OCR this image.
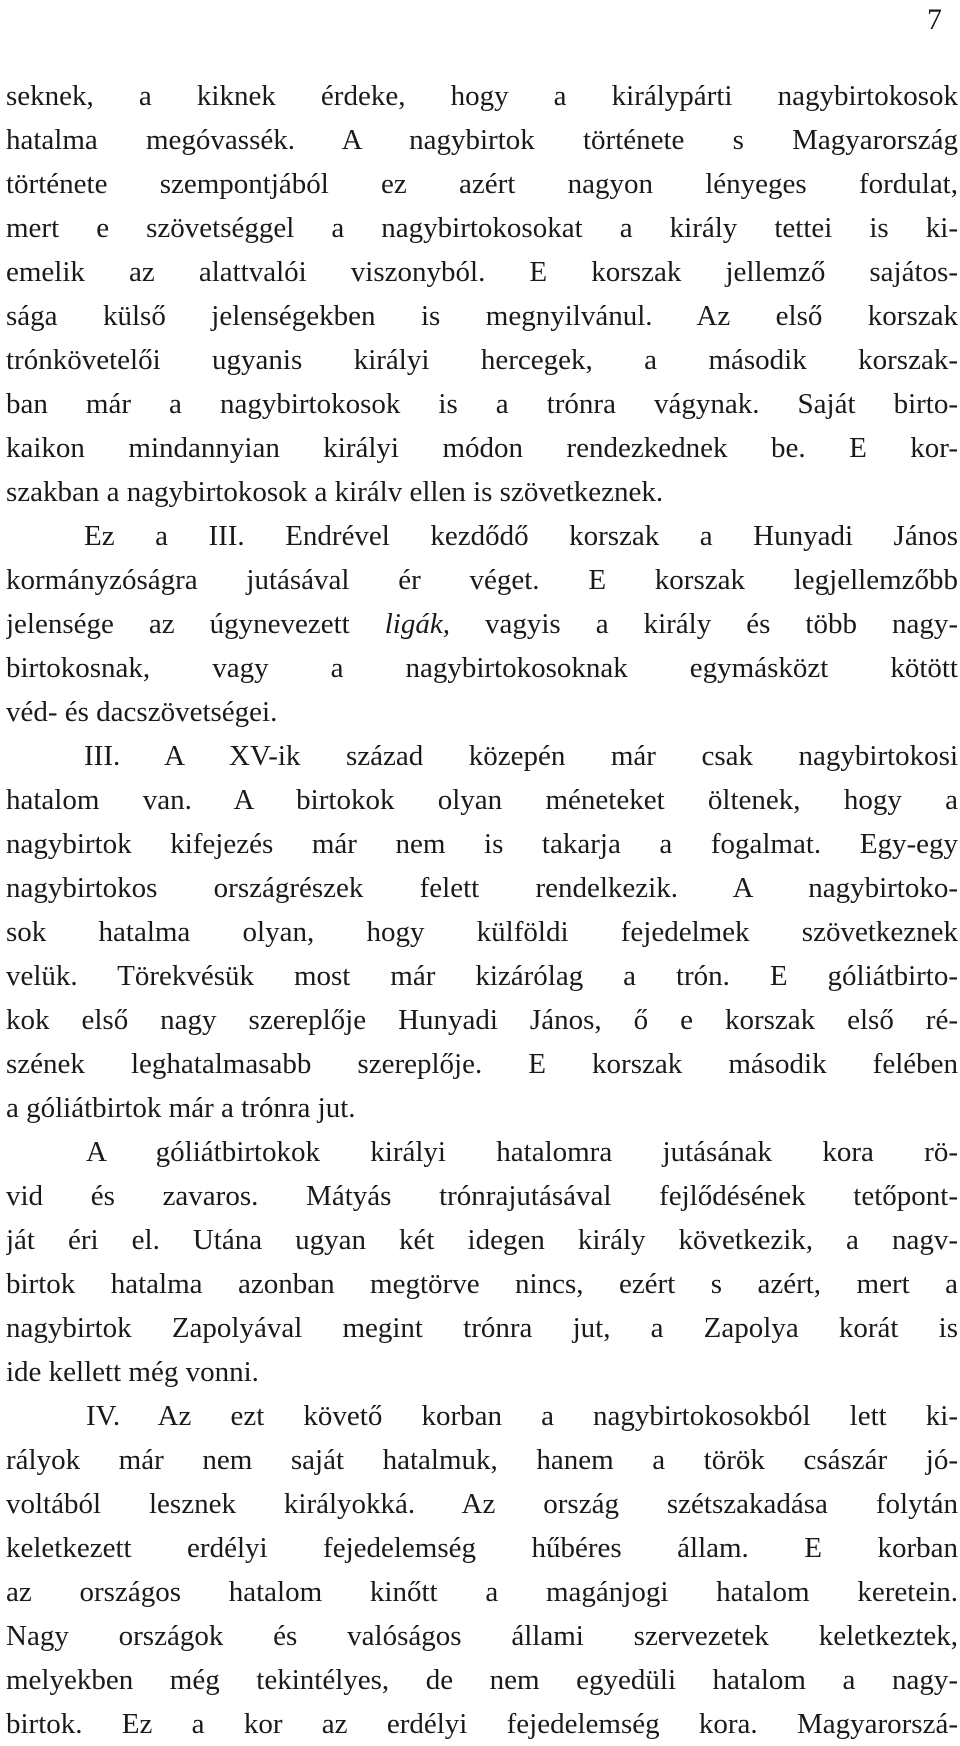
7
seknek, a kiknek érdeke, hogy a királypárti nagybirtokosok
hatalma megóvassék. A nagybirtok története s Magyarország
története szempontjából ez azért nagyon lényeges fordulat,
mert e szövetséggel a nagybirtokosokat a király tettei is ki-
emelik az alattvalói viszonyból. E korszak jellemző sajátos-
sága külső jelenségekben is megnyilvánul. Az első korszak
trónkövetelői ugyanis királyi hercegek, a második korszak-
ban már a nagybirtokosok is a trónra vágynak. Saját birto-
kaikon mindannyian királyi módon rendezkednek be. E kor-
szakban a nagybirtokosok a királv ellen is szövetkeznek.
Ez a III. Endrével kezdődő korszak a Hunyadi János
kormányzóságra jutásával ér véget. E korszak legjellemzőbb
jelensége az úgynevezett ligák, vagyis a király és több nagy-
birtokosnak, vagy a nagybirtokosoknak egymásközt kötött
véd- és dacszövetségei.
III. A XV-ik század közepén már csak nagybirtokosi
hatalom van. A birtokok olyan méneteket öltenek, hogy a
nagybirtok kifejezés már nem is takarja a fogalmat. Egy-egy
nagybirtokos országrészek felett rendelkezik. A nagybirtoko-
sok hatalma olyan, hogy külföldi fejedelmek szövetkeznek
velük. Törekvésük most már kizárólag a trón. E góliátbirto-
kok első nagy szereplője Hunyadi János, ő e korszak első ré-
szének leghatalmasabb szereplője. E korszak második felében
a góliátbirtok már a trónra jut.
A góliátbirtokok királyi hatalomra jutásának kora rö-
vid és zavaros. Mátyás trónrajutásával fejlődésének tetőpont-
ját éri el. Utána ugyan két idegen király következik, a nagv-
birtok hatalma azonban megtörve nincs, ezért s azért, mert a
nagybirtok Zapolyával megint trónra jut, a Zapolya korát is
ide kellett még vonni.
IV. Az ezt követő korban a nagybirtokosokból lett ki-
rályok már nem saját hatalmuk, hanem a török császár jó-
voltából lesznek királyokká. Az ország szétszakadása folytán
keletkezett erdélyi fejedelemség hűbéres állam. E korban
az országos hatalom kinőtt a magánjogi hatalom keretein.
Nagy országok és valóságos állami szervezetek keletkeztek,
melyekben még tekintélyes, de nem egyedüli hatalom a nagy-
birtok. Ez a kor az erdélyi fejedelemség kora. Magyarorszá-
